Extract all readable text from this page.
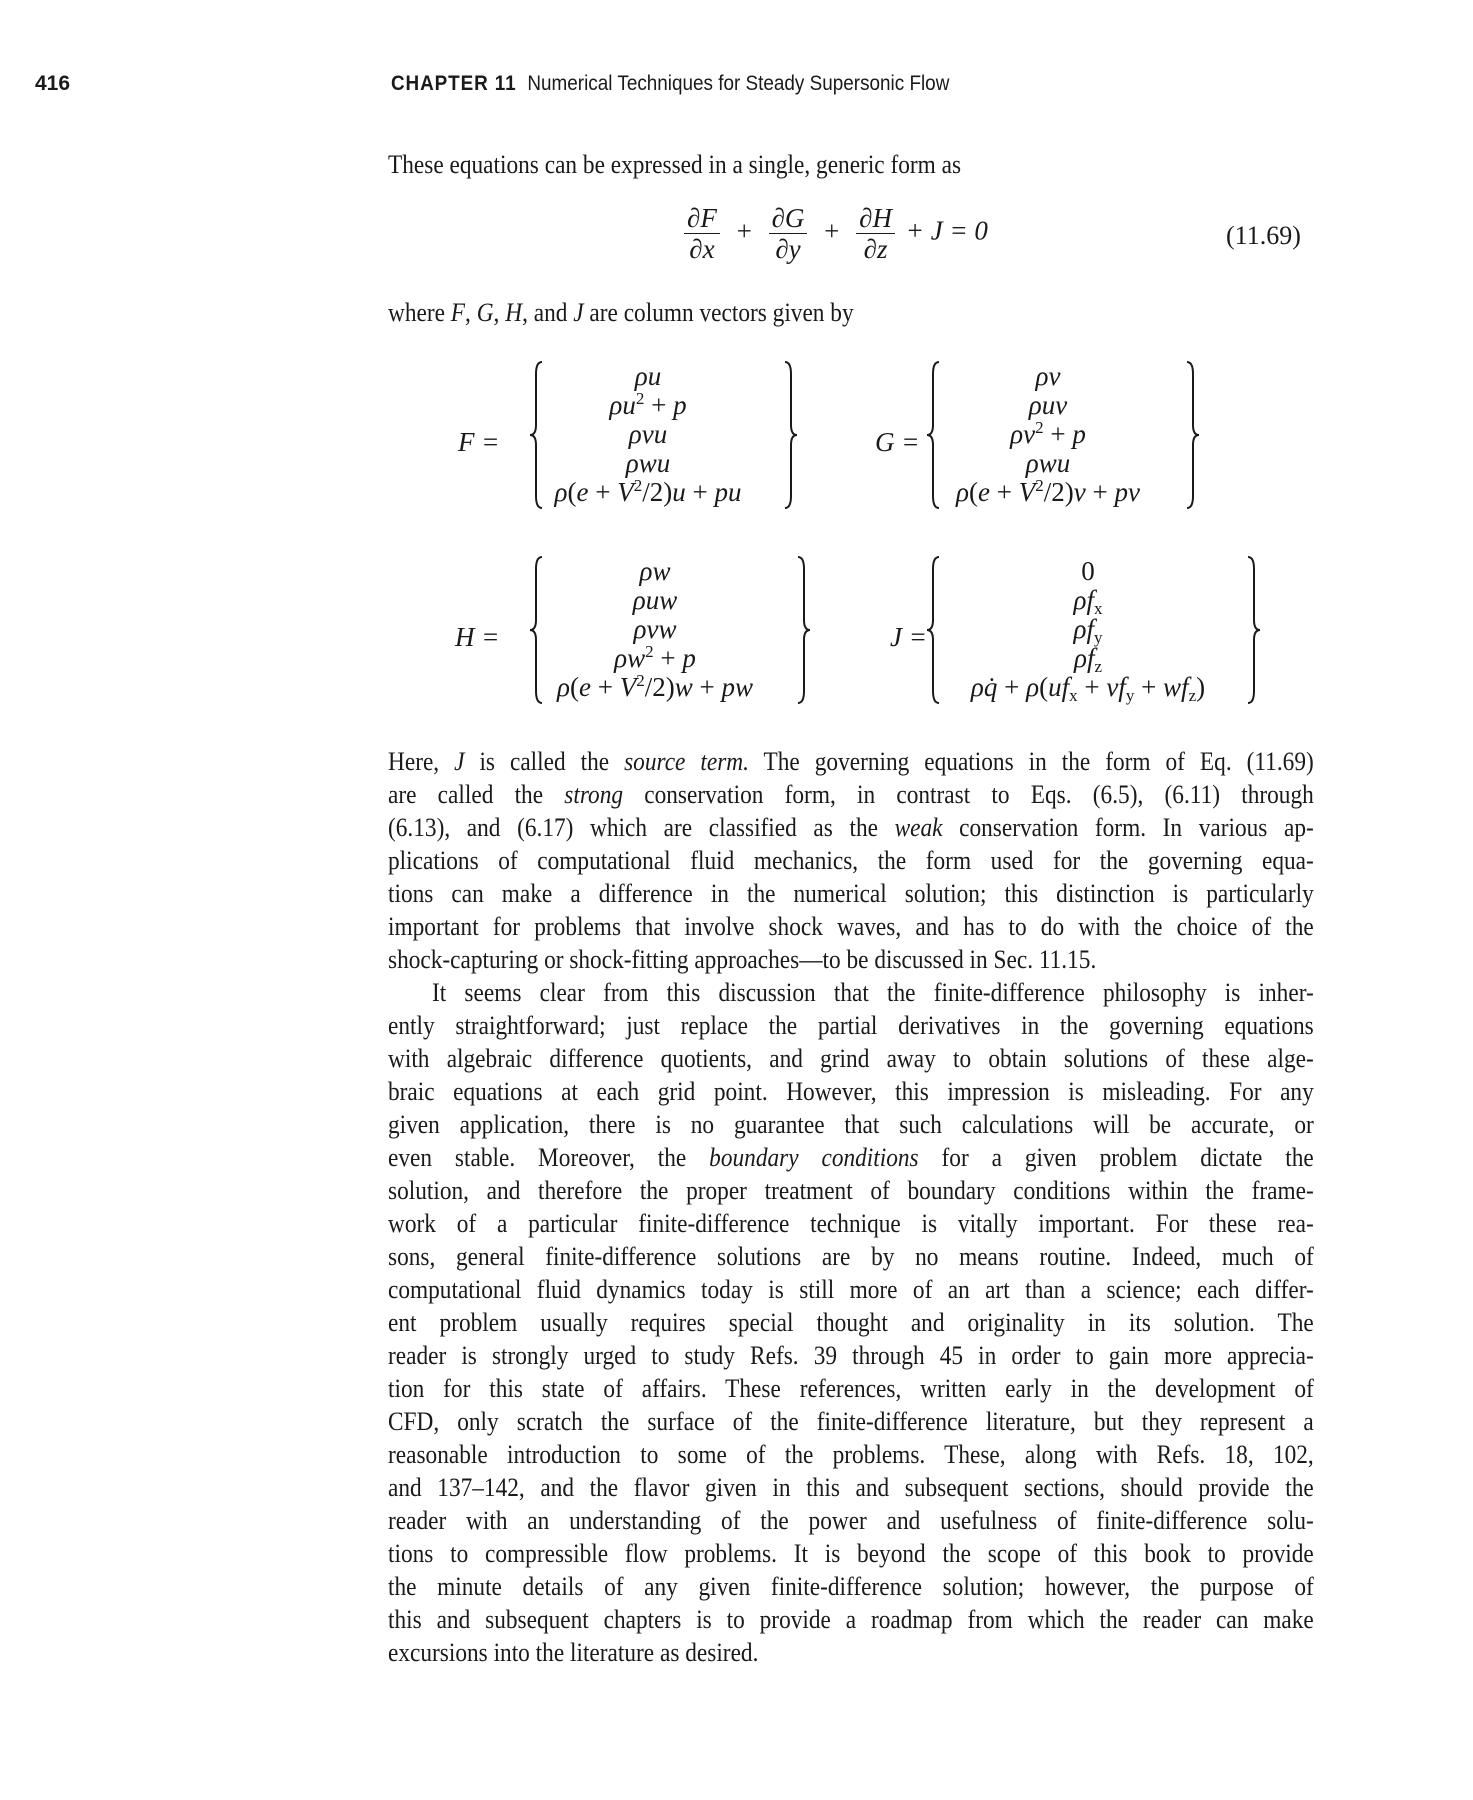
416	CHAPTER 11 Numerical Techniques for Steady Supersonic Flow
These equations can be expressed in a single, generic form as
$\frac{\partial F}{\partial x} + \frac{\partial G}{\partial y} + \frac{\partial H}{\partial z} + J = 0$	(11.69)
where F, G, H, and J are column vectors given by
F =
ρu
$\rho u^2 + p$
ρvu
ρwu
$\rho(e + V^2/2)u$ + pu
G =
ρv
ρuv
$\rho v^2 + p$
ρwu
$\rho(e + V^2/2)v$ + pv
H =
ρw
ρuw
ρvw
$\rho w^2 + p$
$\rho(e + V^2/2)w$ + pw
J =
0
$\rho f_x$
$\rho f_y$
$\rho f_z$
ρq̇ + $\rho(uf_x + vf_y + wf_z)$
Here, J is called the source term. The governing equations in the form of Eq. (11.69)
are called the strong conservation form, in contrast to Eqs. (6.5), (6.11) through
(6.13), and (6.17) which are classified as the weak conservation form. In various ap-
plications of computational fluid mechanics, the form used for the governing equa-
tions can make a difference in the numerical solution; this distinction is particularly
important for problems that involve shock waves, and has to do with the choice of the
shock-capturing or shock-fitting approaches—to be discussed in Sec. 11.15.
It seems clear from this discussion that the finite-difference philosophy is inher-
ently straightforward; just replace the partial derivatives in the governing equations
with algebraic difference quotients, and grind away to obtain solutions of these alge-
braic equations at each grid point. However, this impression is misleading. For any
given application, there is no guarantee that such calculations will be accurate, or
even stable. Moreover, the boundary conditions for a given problem dictate the
solution, and therefore the proper treatment of boundary conditions within the frame-
work of a particular finite-difference technique is vitally important. For these rea-
sons, general finite-difference solutions are by no means routine. Indeed, much of
computational fluid dynamics today is still more of an art than a science; each differ-
ent problem usually requires special thought and originality in its solution. The
reader is strongly urged to study Refs. 39 through 45 in order to gain more apprecia-
tion for this state of affairs. These references, written early in the development of
CFD, only scratch the surface of the finite-difference literature, but they represent a
reasonable introduction to some of the problems. These, along with Refs. 18, 102,
and 137–142, and the flavor given in this and subsequent sections, should provide the
reader with an understanding of the power and usefulness of finite-difference solu-
tions to compressible flow problems. It is beyond the scope of this book to provide
the minute details of any given finite-difference solution; however, the purpose of
this and subsequent chapters is to provide a roadmap from which the reader can make
excursions into the literature as desired.
